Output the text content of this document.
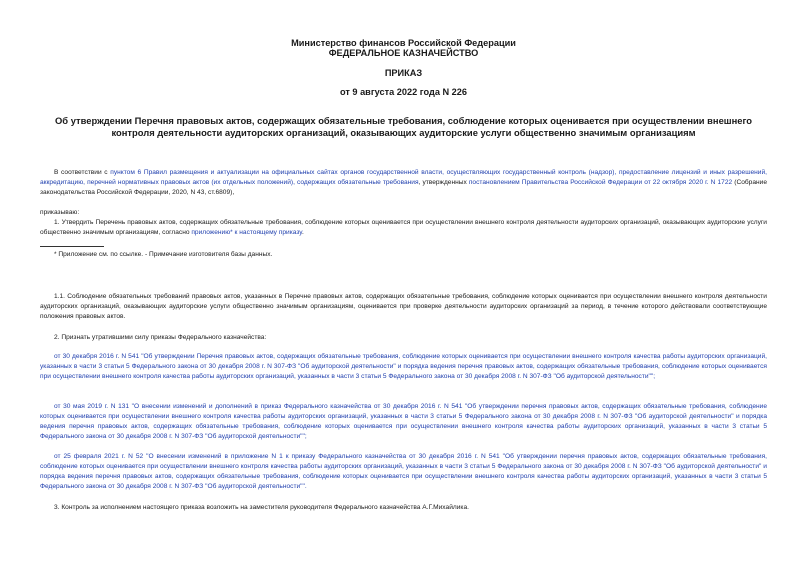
Министерство финансов Российской Федерации
ФЕДЕРАЛЬНОЕ КАЗНАЧЕЙСТВО
ПРИКАЗ
от 9 августа 2022 года N 226
Об утверждении Перечня правовых актов, содержащих обязательные требования, соблюдение которых оценивается при осуществлении внешнего контроля деятельности аудиторских организаций, оказывающих аудиторские услуги общественно значимым организациям
В соответствии с пунктом 6 Правил размещения и актуализации на официальных сайтах органов государственной власти, осуществляющих государственный контроль (надзор), предоставление лицензий и иных разрешений, аккредитацию, перечней нормативных правовых актов (их отдельных положений), содержащих обязательные требования, утвержденных постановлением Правительства Российской Федерации от 22 октября 2020 г. N 1722 (Собрание законодательства Российской Федерации, 2020, N 43, ст.6809),
приказываю:
1. Утвердить Перечень правовых актов, содержащих обязательные требования, соблюдение которых оценивается при осуществлении внешнего контроля деятельности аудиторских организаций, оказывающих аудиторские услуги общественно значимым организациям, согласно приложению* к настоящему приказу.
* Приложение см. по ссылке. - Примечание изготовителя базы данных.
1.1. Соблюдение обязательных требований правовых актов, указанных в Перечне правовых актов, содержащих обязательные требования, соблюдение которых оценивается при осуществлении внешнего контроля деятельности аудиторских организаций, оказывающих аудиторские услуги общественно значимым организациям, оценивается при проверке деятельности аудиторских организаций за период, в течение которого действовали соответствующие положения правовых актов.
2. Признать утратившими силу приказы Федерального казначейства:
от 30 декабря 2016 г. N 541 "Об утверждении Перечня правовых актов, содержащих обязательные требования, соблюдение которых оценивается при осуществлении внешнего контроля качества работы аудиторских организаций, указанных в части 3 статьи 5 Федерального закона от 30 декабря 2008 г. N 307-ФЗ "Об аудиторской деятельности" и порядка ведения перечня правовых актов, содержащих обязательные требования, соблюдение которых оценивается при осуществлении внешнего контроля качества работы аудиторских организаций, указанных в части 3 статьи 5 Федерального закона от 30 декабря 2008 г. N 307-ФЗ "Об аудиторской деятельности"";
от 30 мая 2019 г. N 131 "О внесении изменений и дополнений в приказ Федерального казначейства от 30 декабря 2016 г. N 541 "Об утверждении перечня правовых актов, содержащих обязательные требования, соблюдение которых оценивается при осуществлении внешнего контроля качества работы аудиторских организаций, указанных в части 3 статьи 5 Федерального закона от 30 декабря 2008 г. N 307-ФЗ "Об аудиторской деятельности" и порядка ведения перечня правовых актов, содержащих обязательные требования, соблюдение которых оценивается при осуществлении внешнего контроля качества работы аудиторских организаций, указанных в части 3 статьи 5 Федерального закона от 30 декабря 2008 г. N 307-ФЗ "Об аудиторской деятельности"";
от 25 февраля 2021 г. N 52 "О внесении изменений в приложение N 1 к приказу Федерального казначейства от 30 декабря 2016 г. N 541 "Об утверждении перечня правовых актов, содержащих обязательные требования, соблюдение которых оценивается при осуществлении внешнего контроля качества работы аудиторских организаций, указанных в части 3 статьи 5 Федерального закона от 30 декабря 2008 г. N 307-ФЗ "Об аудиторской деятельности" и порядка ведения перечня правовых актов, содержащих обязательные требования, соблюдение которых оценивается при осуществлении внешнего контроля качества работы аудиторских организаций, указанных в части 3 статьи 5 Федерального закона от 30 декабря 2008 г. N 307-ФЗ "Об аудиторской деятельности"".
3. Контроль за исполнением настоящего приказа возложить на заместителя руководителя Федерального казначейства А.Г.Михайлика.
